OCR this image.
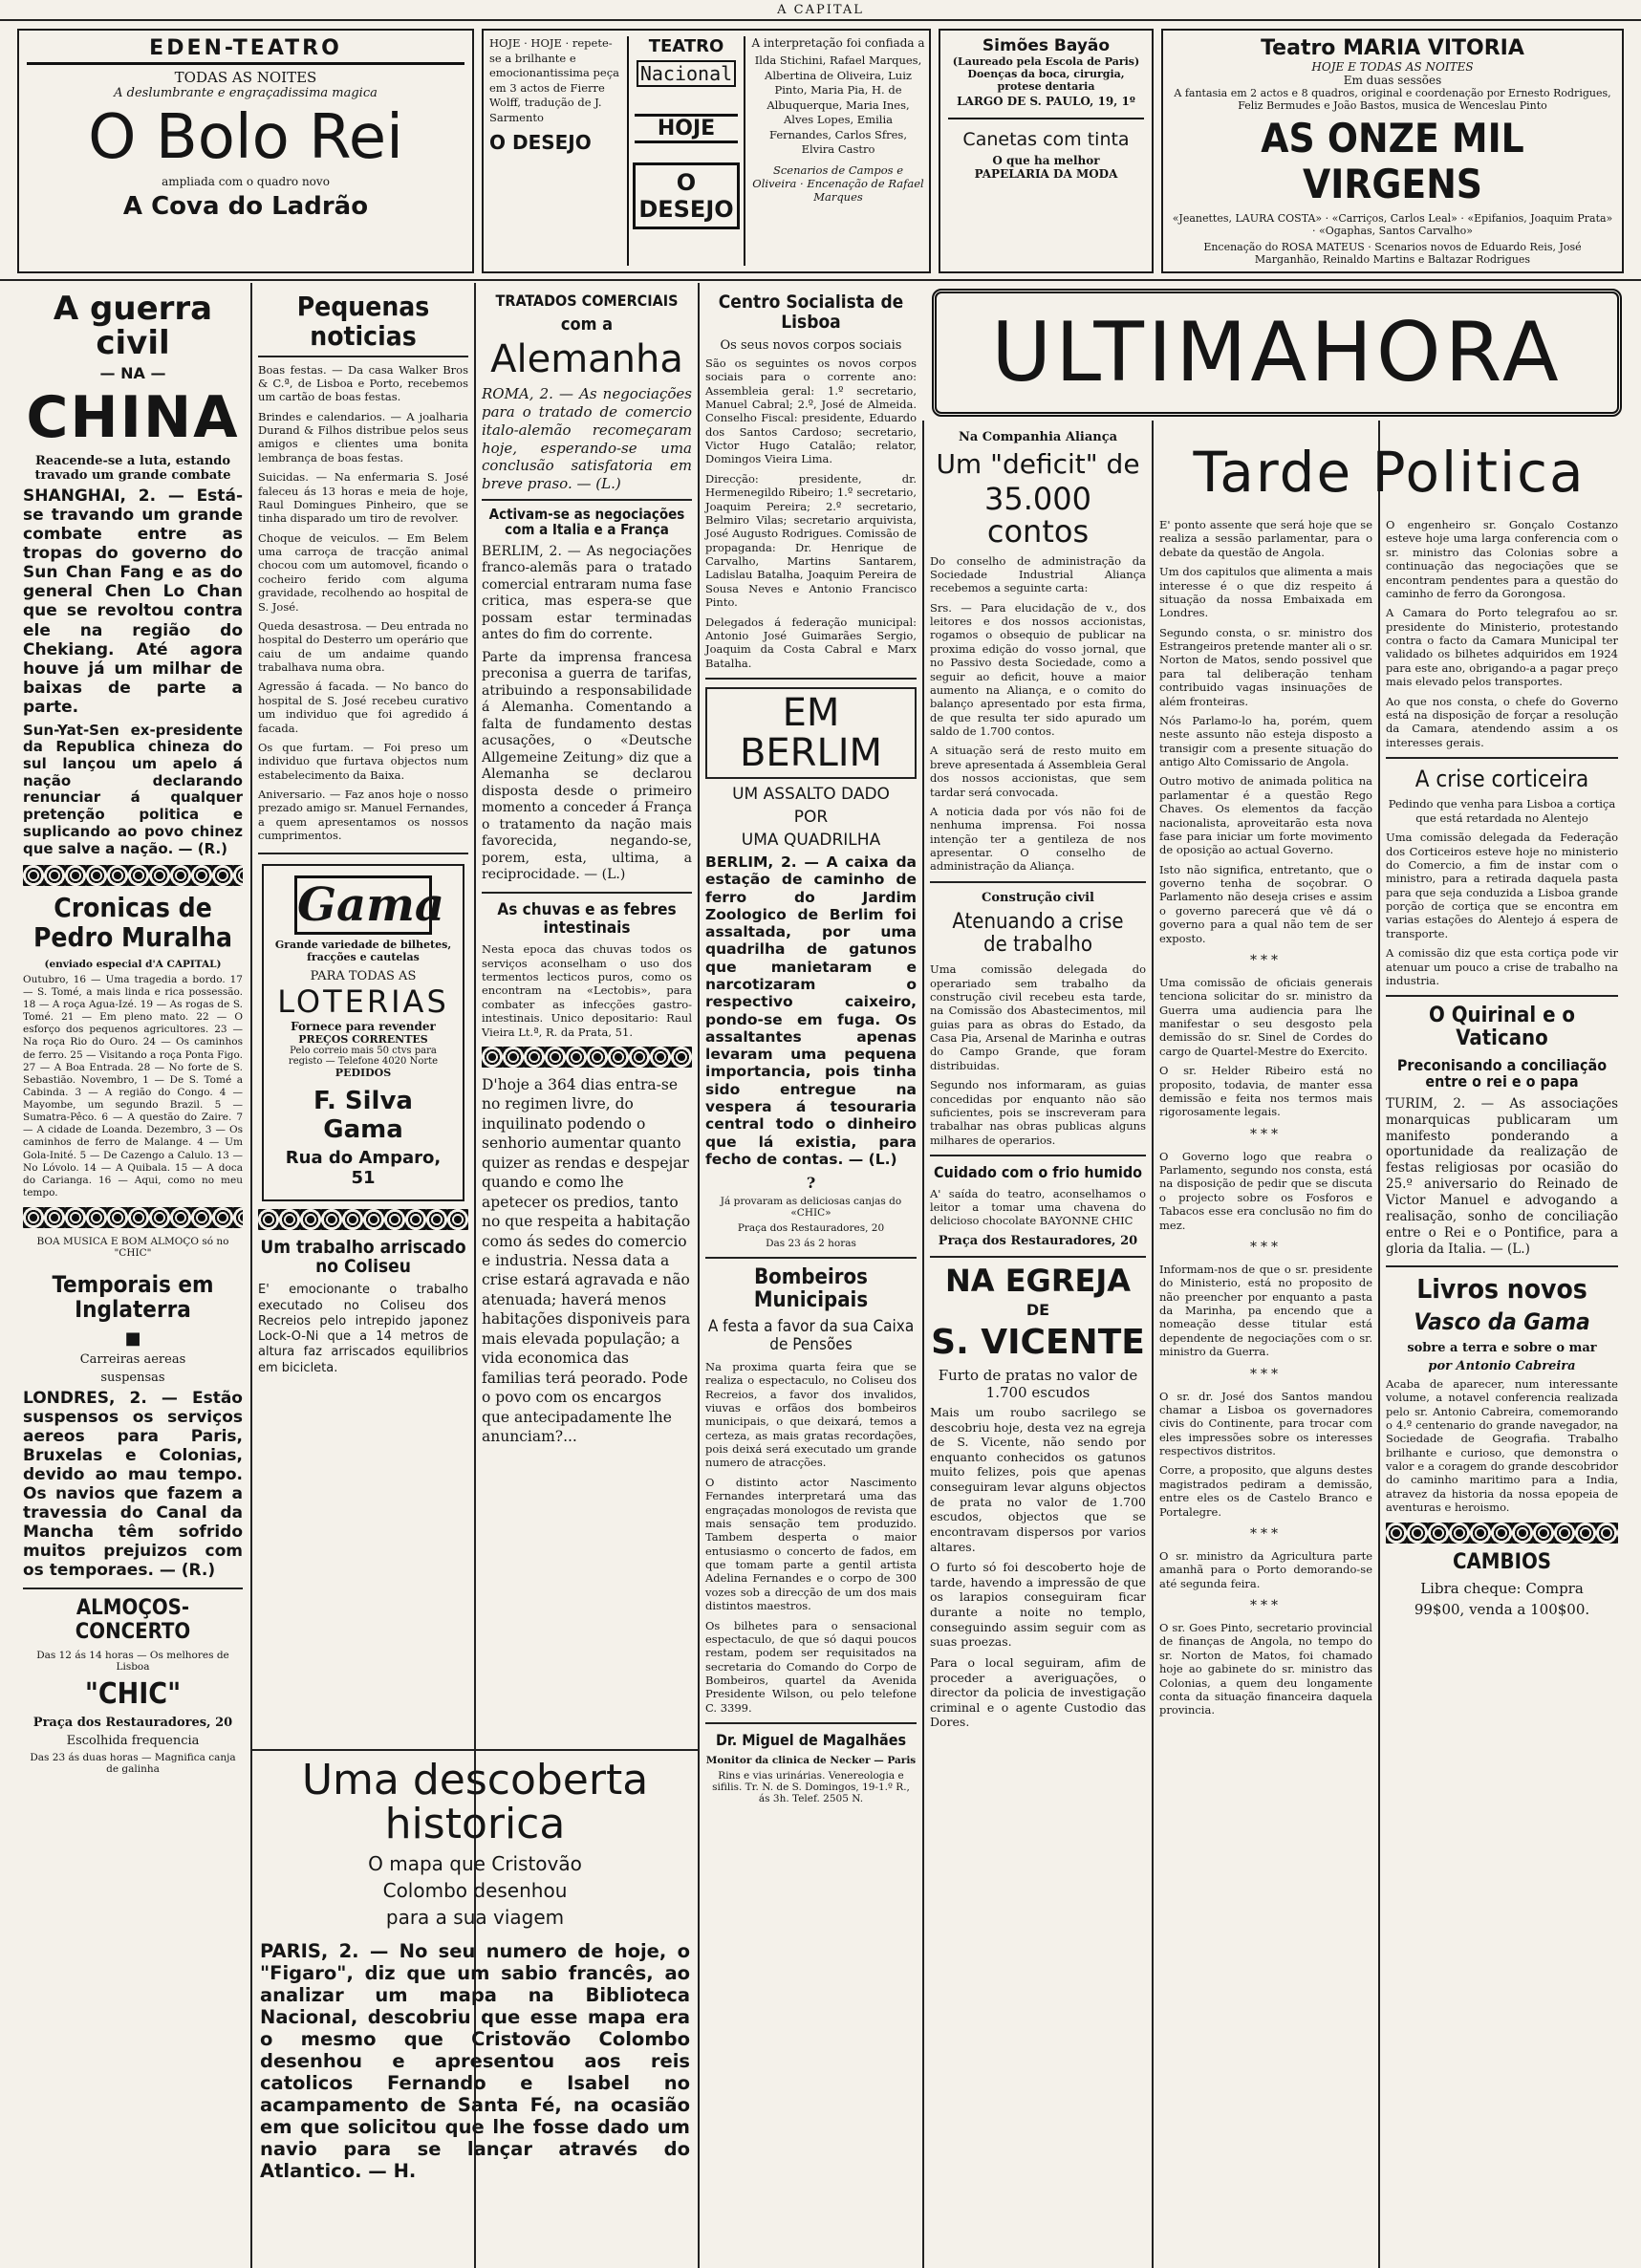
A CAPITAL
EDEN-TEATRO
TODAS AS NOITES
A deslumbrante e engraçadissima magica
O Bolo Rei
ampliada com o quadro novo
A Cova do Ladrão
HOJE · HOJE · repete-se a brilhante e emocionantissima peça em 3 actos de Fierre Wolff, tradução de J. Sarmento
O DESEJO
TEATRO
Nacional
HOJE
O DESEJO
A interpretação foi confiada a
Ilda Stichini, Rafael Marques, Albertina de Oliveira, Luiz Pinto, Maria Pia, H. de Albuquerque, Maria Ines, Alves Lopes, Emilia Fernandes, Carlos Sfres, Elvira Castro
Scenarios de Campos e Oliveira · Encenação de Rafael Marques
Simões Bayão
(Laureado pela Escola de Paris)
Doenças da boca, cirurgia, protese dentaria
LARGO DE S. PAULO, 19, 1º
Canetas com tinta
O que ha melhor
PAPELARIA DA MODA
Teatro MARIA VITORIA
HOJE E TODAS AS NOITES
Em duas sessões
A fantasia em 2 actos e 8 quadros, original e coordenação por Ernesto Rodrigues, Feliz Bermudes e João Bastos, musica de Wenceslau Pinto
AS ONZE MIL VIRGENS
«Jeanettes, LAURA COSTA» · «Carriços, Carlos Leal» · «Epifanios, Joaquim Prata» · «Ogaphas, Santos Carvalho»
Encenação do ROSA MATEUS · Scenarios novos de Eduardo Reis, José Marganhão, Reinaldo Martins e Baltazar Rodrigues
A guerra civil
— NA —
CHINA
Reacende-se a luta, estando travado um grande combate
SHANGHAI, 2. — Está-se travando um grande combate entre as tropas do governo do Sun Chan Fang e as do general Chen Lo Chan que se revoltou contra ele na região do Chekiang. Até agora houve já um milhar de baixas de parte a parte.
Sun-Yat-Sen ex-presidente da Republica chineza do sul lançou um apelo á nação declarando renunciar á qualquer pretenção politica e suplicando ao povo chinez que salve a nação. — (R.)
Cronicas de
Pedro Muralha
(enviado especial d'A CAPITAL)

Outubro, 16 — Uma tragedia a bordo. 17 — S. Tomé, a mais linda e rica possessão. 18 — A roça Agua-Izé. 19 — As rogas de S. Tomé. 21 — Em pleno mato. 22 — O esforço dos pequenos agricultores. 23 — Na roça Rio do Ouro. 24 — Os caminhos de ferro. 25 — Visitando a roça Ponta Figo. 27 — A Boa Entrada. 28 — No forte de S. Sebastião. Novembro, 1 — De S. Tomé a Cabinda. 3 — A região do Congo. 4 — Mayombe, um segundo Brazil. 5 — Sumatra-Pêco. 6 — A questão do Zaire. 7 — A cidade de Loanda. Dezembro, 3 — Os caminhos de ferro de Malange. 4 — Um Gola-Inité. 5 — De Cazengo a Calulo. 13 — No Lóvolo. 14 — A Quibala. 15 — A doca do Carianga. 16 — Aqui, como no meu tempo.

BOA MUSICA E BOM ALMOÇO só no "CHIC"
Temporais em Inglaterra
■
Carreiras aereas
suspensas
LONDRES, 2. — Estão suspensos os serviços aereos para Paris, Bruxelas e Colonias, devido ao mau tempo. Os navios que fazem a travessia do Canal da Mancha têm sofrido muitos prejuizos com os temporaes. — (R.)
ALMOÇOS-CONCERTO
Das 12 ás 14 horas — Os melhores de Lisboa
"CHIC"
Praça dos Restauradores, 20
Escolhida frequencia
Das 23 ás duas horas — Magnifica canja de galinha
Pequenas noticias

Boas festas. — Da casa Walker Bros & C.ª, de Lisboa e Porto, recebemos um cartão de boas festas.

Brindes e calendarios. — A joalharia Durand & Filhos distribue pelos seus amigos e clientes uma bonita lembrança de boas festas.

Suicidas. — Na enfermaria S. José faleceu ás 13 horas e meia de hoje, Raul Domingues Pinheiro, que se tinha disparado um tiro de revolver.

Choque de veiculos. — Em Belem uma carroça de tracção animal chocou com um automovel, ficando o cocheiro ferido com alguma gravidade, recolhendo ao hospital de S. José.

Queda desastrosa. — Deu entrada no hospital do Desterro um operário que caiu de um andaime quando trabalhava numa obra.

Agressão á facada. — No banco do hospital de S. José recebeu curativo um individuo que foi agredido á facada.

Os que furtam. — Foi preso um individuo que furtava objectos num estabelecimento da Baixa.

Aniversario. — Faz anos hoje o nosso prezado amigo sr. Manuel Fernandes, a quem apresentamos os nossos cumprimentos.

Gama
Grande variedade de bilhetes, fracções e cautelas
PARA TODAS AS
LOTERIAS
Fornece para revender
PREÇOS CORRENTES
Pelo correio mais 50 ctvs para registo — Telefone 4020 Norte
PEDIDOS
F. Silva Gama
Rua do Amparo, 51
Um trabalho arriscado
no Coliseu

E' emocionante o trabalho executado no Coliseu dos Recreios pelo intrepido japonez Lock-O-Ni que a 14 metros de altura faz arriscados equilibrios em bicicleta.

TRATADOS COMERCIAIS
com a
Alemanha

ROMA, 2. — As negociações para o tratado de comercio italo-alemão recomeçaram hoje, esperando-se uma conclusão satisfatoria em breve praso. — (L.)

Activam-se as negociações com a Italia e a França

BERLIM, 2. — As negociações franco-alemãs para o tratado comercial entraram numa fase critica, mas espera-se que possam estar terminadas antes do fim do corrente.

Parte da imprensa francesa preconisa a guerra de tarifas, atribuindo a responsabilidade á Alemanha. Comentando a falta de fundamento destas acusações, o «Deutsche Allgemeine Zeitung» diz que a Alemanha se declarou disposta desde o primeiro momento a conceder á França o tratamento da nação mais favorecida, negando-se, porem, esta, ultima, a reciprocidade. — (L.)

As chuvas e as febres intestinais

Nesta epoca das chuvas todos os serviços aconselham o uso dos termentos lecticos puros, como os encontram na «Lectobis», para combater as infecções gastro-intestinais. Unico depositario: Raul Vieira Lt.ª, R. da Prata, 51.

D'hoje a 364 dias entra-se no regimen livre, do inquilinato podendo o senhorio aumentar quanto quizer as rendas e despejar quando e como lhe apetecer os predios, tanto no que respeita a habitação como ás sedes do comercio e industria. Nessa data a crise estará agravada e não atenuada; haverá menos habitações disponiveis para mais elevada população; a vida economica das familias terá peorado. Pode o povo com os encargos que antecipadamente lhe anunciam?...

Centro Socialista de Lisboa
Os seus novos corpos sociais

São os seguintes os novos corpos sociais para o corrente ano: Assembleia geral: 1.º secretario, Manuel Cabral; 2.º, José de Almeida. Conselho Fiscal: presidente, Eduardo dos Santos Cardoso; secretario, Victor Hugo Catalão; relator, Domingos Vieira Lima.

Direcção: presidente, dr. Hermenegildo Ribeiro; 1.º secretario, Joaquim Pereira; 2.º secretario, Belmiro Vilas; secretario arquivista, José Augusto Rodrigues. Comissão de propaganda: Dr. Henrique de Carvalho, Martins Santarem, Ladislau Batalha, Joaquim Pereira de Sousa Neves e Antonio Francisco Pinto.

Delegados á federação municipal: Antonio José Guimarães Sergio, Joaquim da Costa Cabral e Marx Batalha.

EM BERLIM
UM ASSALTO DADO
POR
UMA QUADRILHA
BERLIM, 2. — A caixa da estação de caminho de ferro do Jardim Zoologico de Berlim foi assaltada, por uma quadrilha de gatunos que manietaram e narcotizaram o respectivo caixeiro, pondo-se em fuga. Os assaltantes apenas levaram uma pequena importancia, pois tinha sido entregue na vespera á tesouraria central todo o dinheiro que lá existia, para fecho de contas. — (L.)
?
Já provaram as deliciosas canjas do «CHIC»
Praça dos Restauradores, 20
Das 23 ás 2 horas
Bombeiros Municipais
A festa a favor da sua Caixa de Pensões

Na proxima quarta feira que se realiza o espectaculo, no Coliseu dos Recreios, a favor dos invalidos, viuvas e orfãos dos bombeiros municipais, o que deixará, temos a certeza, as mais gratas recordações, pois deixá será executado um grande numero de atracções.

O distinto actor Nascimento Fernandes interpretará uma das engraçadas monologos de revista que mais sensação tem produzido. Tambem desperta o maior entusiasmo o concerto de fados, em que tomam parte a gentil artista Adelina Fernandes e o corpo de 300 vozes sob a direcção de um dos mais distintos maestros.

Os bilhetes para o sensacional espectaculo, de que só daqui poucos restam, podem ser requisitados na secretaria do Comando do Corpo de Bombeiros, quartel da Avenida Presidente Wilson, ou pelo telefone C. 3399.

Dr. Miguel de Magalhães
Monitor da clinica de Necker — Paris
Rins e vias urinárias. Venereologia e sifilis. Tr. N. de S. Domingos, 19-1.º R., ás 3h. Telef. 2505 N.
ULTIMAHORA
Na Companhia Aliança
Um "deficit" de
35.000 contos

Do conselho de administração da Sociedade Industrial Aliança recebemos a seguinte carta:

Srs. — Para elucidação de v., dos leitores e dos nossos accionistas, rogamos o obsequio de publicar na proxima edição do vosso jornal, que no Passivo desta Sociedade, como a seguir ao deficit, houve a maior aumento na Aliança, e o comito do balanço apresentado por esta firma, de que resulta ter sido apurado um saldo de 1.700 contos.

A situação será de resto muito em breve apresentada á Assembleia Geral dos nossos accionistas, que sem tardar será convocada.

A noticia dada por vós não foi de nenhuma imprensa. Foi nossa intenção ter a gentileza de nos apresentar. O conselho de administração da Aliança.

Construção civil
Atenuando a crise
de trabalho

Uma comissão delegada do operariado sem trabalho da construção civil recebeu esta tarde, na Comissão dos Abastecimentos, mil guias para as obras do Estado, da Casa Pia, Arsenal de Marinha e outras do Campo Grande, que foram distribuidas.

Segundo nos informaram, as guias concedidas por enquanto não são suficientes, pois se inscreveram para trabalhar nas obras publicas alguns milhares de operarios.

Cuidado com o frio humido

A' saída do teatro, aconselhamos o leitor a tomar uma chavena do delicioso chocolate BAYONNE CHIC

Praça dos Restauradores, 20
NA EGREJA
DE
S. VICENTE
Furto de pratas no valor de 1.700 escudos

Mais um roubo sacrilego se descobriu hoje, desta vez na egreja de S. Vicente, não sendo por enquanto conhecidos os gatunos muito felizes, pois que apenas conseguiram levar alguns objectos de prata no valor de 1.700 escudos, objectos que se encontravam dispersos por varios altares.

O furto só foi descoberto hoje de tarde, havendo a impressão de que os larapios conseguiram ficar durante a noite no templo, conseguindo assim seguir com as suas proezas.

Para o local seguiram, afim de proceder a averiguações, o director da policia de investigação criminal e o agente Custodio das Dores.

E' ponto assente que será hoje que se realiza a sessão parlamentar, para o debate da questão de Angola.

Um dos capitulos que alimenta a mais interesse é o que diz respeito á situação da nossa Embaixada em Londres.

Segundo consta, o sr. ministro dos Estrangeiros pretende manter ali o sr. Norton de Matos, sendo possivel que para tal deliberação tenham contribuido vagas insinuações de além fronteiras.

Nós Parlamo-lo ha, porém, quem neste assunto não esteja disposto a transigir com a presente situação do antigo Alto Comissario de Angola.

Outro motivo de animada politica na parlamentar é a questão Rego Chaves. Os elementos da facção nacionalista, aproveitarão esta nova fase para iniciar um forte movimento de oposição ao actual Governo.

Isto não significa, entretanto, que o governo tenha de soçobrar. O Parlamento não deseja crises e assim o governo parecerá que vê dá o governo para a qual não tem de ser exposto.

***

Uma comissão de oficiais generais tenciona solicitar do sr. ministro da Guerra uma audiencia para lhe manifestar o seu desgosto pela demissão do sr. Sinel de Cordes do cargo de Quartel-Mestre do Exercito.

O sr. Helder Ribeiro está no proposito, todavia, de manter essa demissão e feita nos termos mais rigorosamente legais.

***

O Governo logo que reabra o Parlamento, segundo nos consta, está na disposição de pedir que se discuta o projecto sobre os Fosforos e Tabacos esse era conclusão no fim do mez.

***

Informam-nos de que o sr. presidente do Ministerio, está no proposito de não preencher por enquanto a pasta da Marinha, pa encendo que a nomeação desse titular está dependente de negociações com o sr. ministro da Guerra.

***

O sr. dr. José dos Santos mandou chamar a Lisboa os governadores civis do Continente, para trocar com eles impressões sobre os interesses respectivos distritos.

Corre, a proposito, que alguns destes magistrados pediram a demissão, entre eles os de Castelo Branco e Portalegre.

***

O sr. ministro da Agricultura parte amanhã para o Porto demorando-se até segunda feira.

***

O sr. Goes Pinto, secretario provincial de finanças de Angola, no tempo do sr. Norton de Matos, foi chamado hoje ao gabinete do sr. ministro das Colonias, a quem deu longamente conta da situação financeira daquela provincia.

Tarde Politica

O engenheiro sr. Gonçalo Costanzo esteve hoje uma larga conferencia com o sr. ministro das Colonias sobre a continuação das negociações que se encontram pendentes para a questão do caminho de ferro da Gorongosa.

A Camara do Porto telegrafou ao sr. presidente do Ministerio, protestando contra o facto da Camara Municipal ter validado os bilhetes adquiridos em 1924 para este ano, obrigando-a a pagar preço mais elevado pelos transportes.

Ao que nos consta, o chefe do Governo está na disposição de forçar a resolução da Camara, atendendo assim a os interesses gerais.

A crise corticeira

Pedindo que venha para Lisboa a cortiça que está retardada no Alentejo

Uma comissão delegada da Federação dos Corticeiros esteve hoje no ministerio do Comercio, a fim de instar com o ministro, para a retirada daquela pasta para que seja conduzida a Lisboa grande porção de cortiça que se encontra em varias estações do Alentejo á espera de transporte.

A comissão diz que esta cortiça pode vir atenuar um pouco a crise de trabalho na industria.

O Quirinal e o Vaticano
Preconisando a conciliação entre o rei e o papa

TURIM, 2. — As associações monarquicas publicaram um manifesto ponderando a oportunidade da realização de festas religiosas por ocasião do 25.º aniversario do Reinado de Victor Manuel e advogando a realisação, sonho de conciliação entre o Rei e o Pontifice, para a gloria da Italia. — (L.)

Livros novos
Vasco da Gama
sobre a terra e sobre o mar
por Antonio Cabreira

Acaba de aparecer, num interessante volume, a notavel conferencia realizada pelo sr. Antonio Cabreira, comemorando o 4.º centenario do grande navegador, na Sociedade de Geografia. Trabalho brilhante e curioso, que demonstra o valor e a coragem do grande descobridor do caminho maritimo para a India, atravez da historia da nossa epopeia de aventuras e heroismo.

CAMBIOS
Libra cheque: Compra
99$00, venda a 100$00.
Uma descoberta historica
O mapa que Cristovão
Colombo desenhou
para a sua viagem
PARIS, 2. — No seu numero de hoje, o "Figaro", diz que um sabio francês, ao analizar um mapa na Biblioteca Nacional, descobriu que esse mapa era o mesmo que Cristovão Colombo desenhou e apresentou aos reis catolicos Fernando e Isabel no acampamento de Santa Fé, na ocasião em que solicitou que lhe fosse dado um navio para se lançar através do Atlantico. — H.
